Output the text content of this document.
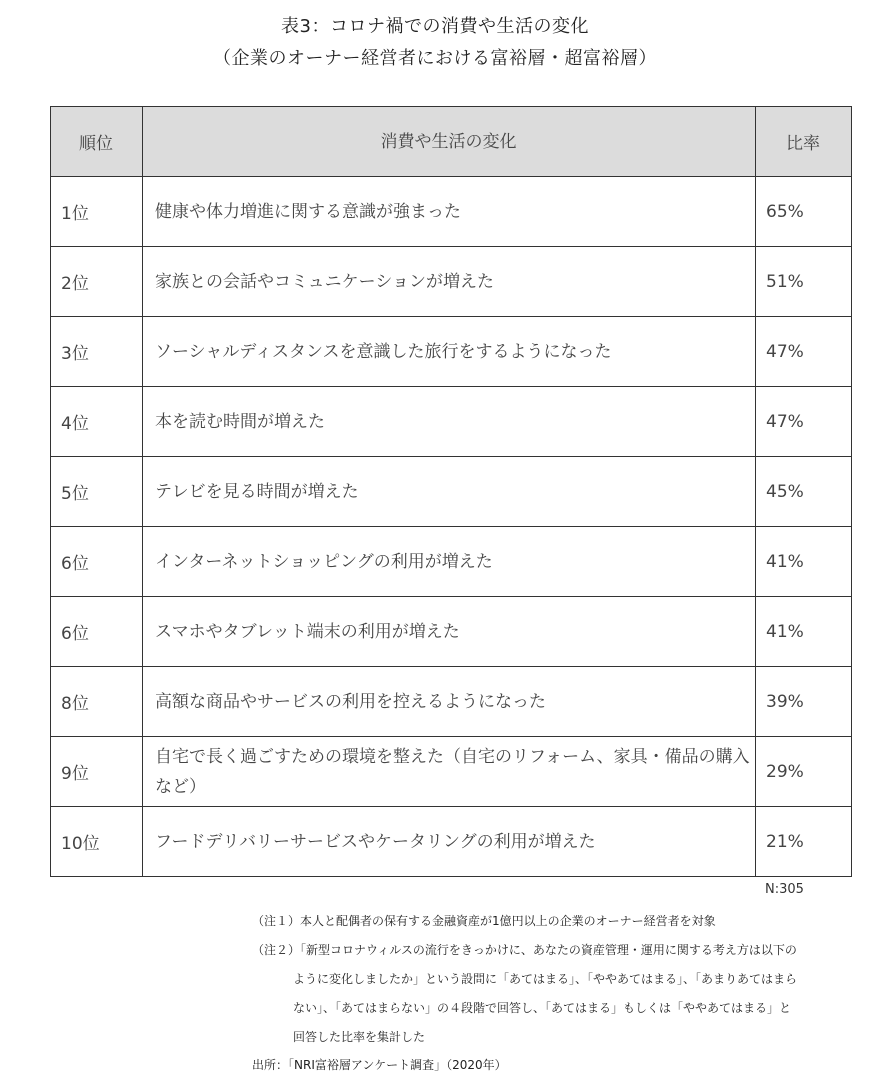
表3：コロナ禍での消費や生活の変化
（企業のオーナー経営者における富裕層・超富裕層）
順位	消費や生活の変化	比率
1位	健康や体力増進に関する意識が強まった	65%
2位	家族との会話やコミュニケーションが増えた	51%
3位	ソーシャルディスタンスを意識した旅行をするようになった	47%
4位	本を読む時間が増えた	47%
5位	テレビを見る時間が増えた	45%
6位	インターネットショッピングの利用が増えた	41%
6位	スマホやタブレット端末の利用が増えた	41%
8位	高額な商品やサービスの利用を控えるようになった	39%
9位	自宅で長く過ごすための環境を整えた（自宅のリフォーム、家具・備品の購入など）	29%
10位	フードデリバリーサービスやケータリングの利用が増えた	21%
N:305
（注１）本人と配偶者の保有する金融資産が1億円以上の企業のオーナー経営者を対象
（注２）「新型コロナウィルスの流行をきっかけに、あなたの資産管理・運用に関する考え方は以下の
ように変化しましたか」という設問に「あてはまる」、「ややあてはまる」、「あまりあてはまら
ない」、「あてはまらない」の４段階で回答し、「あてはまる」もしくは「ややあてはまる」と
回答した比率を集計した
出所：「NRI富裕層アンケート調査」（2020年）
